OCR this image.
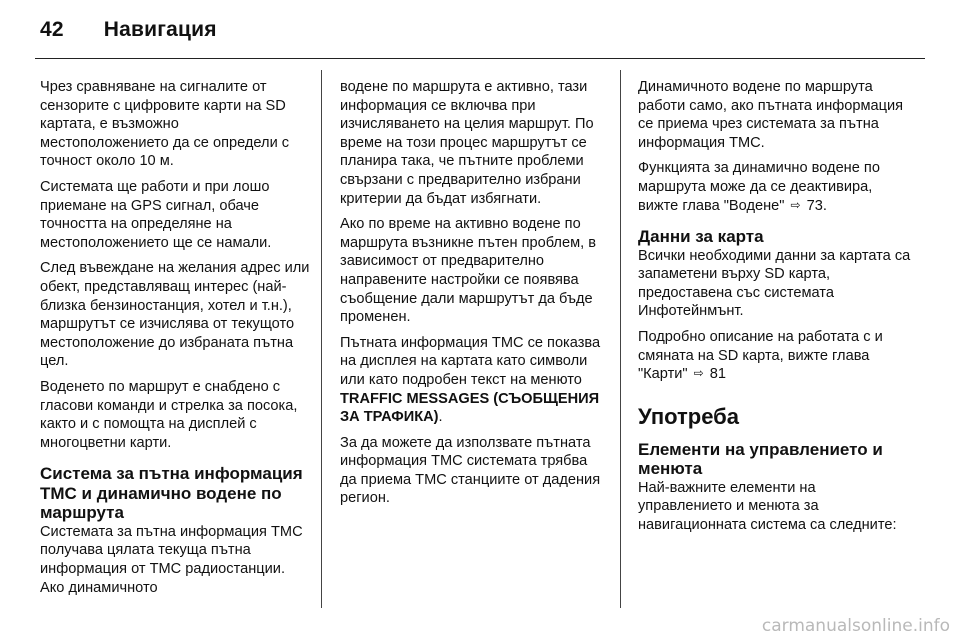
42 Навигация

Чрез сравняване на сигналите от сензорите с цифровите карти на SD картата, е възможно местоположението да се определи с точност около 10 м.

Системата ще работи и при лошо приемане на GPS сигнал, обаче точността на определяне на местоположението ще се намали.

След въвеждане на желания адрес или обект, представляващ интерес (най-близка бензиностанция, хотел и т.н.), маршрутът се изчислява от текущото местоположение до избраната пътна цел.

Воденето по маршрут е снабдено с гласови команди и стрелка за посока, както и с помощта на дисплей с многоцветни карти.

Система за пътна информация TMC и динамично водене по маршрута

Системата за пътна информация TMC получава цялата текуща пътна информация от TMC радиостанции. Ако динамичното

водене по маршрута е активно, тази информация се включва при изчисляването на целия маршрут. По време на този процес маршрутът се планира така, че пътните проблеми свързани с предварително избрани критерии да бъдат избягнати.

Ако по време на активно водене по маршрута възникне пътен проблем, в зависимост от предварително направените настройки се появява съобщение дали маршрутът да бъде променен.

Пътната информация TMC се показва на дисплея на картата като символи или като подробен текст на менюто TRAFFIC MESSAGES (СЪОБЩЕНИЯ ЗА ТРАФИКА).

За да можете да използвате пътната информация TMC системата трябва да приема TMC станциите от дадения регион.

Динамичното водене по маршрута работи само, ако пътната информация се приема чрез системата за пътна информация TMC.

Функцията за динамично водене по маршрута може да се деактивира, вижте глава "Водене" ⇨ 73.

Данни за карта

Всички необходими данни за картата са запаметени върху SD карта, предоставена със системата Инфотейнмънт.

Подробно описание на работата с и смяната на SD карта, вижте глава "Карти" ⇨ 81

Употреба
Елементи на управлението и менюта

Най-важните елементи на управлението и менюта за навигационната система са следните:

carmanualsonline.info
